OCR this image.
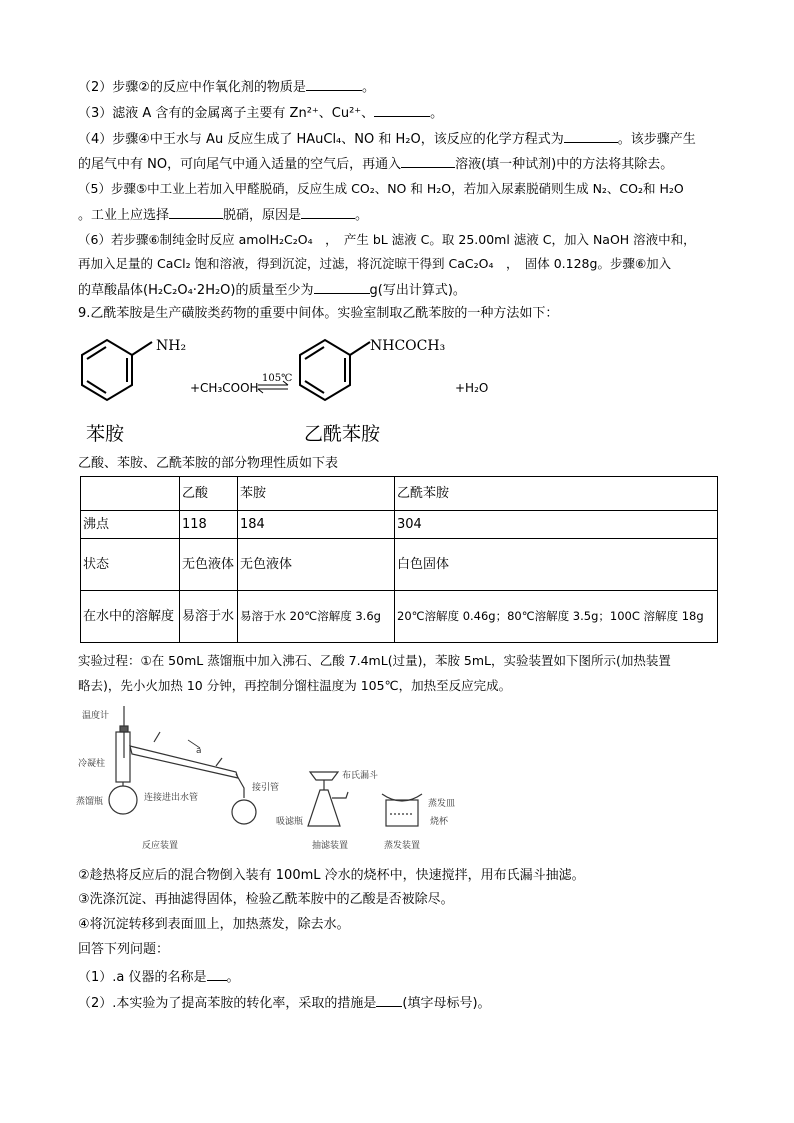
（2）步骤②的反应中作氧化剂的物质是	。
（3）滤液 A 含有的金属离子主要有 Zn²⁺、Cu²⁺、	。
（4）步骤④中王水与 Au 反应生成了 HAuCl₄、NO 和 H₂O，该反应的化学方程式为	。该步骤产生
的尾气中有 NO，可向尾气中通入适量的空气后，再通入	溶液(填一种试剂)中的方法将其除去。
（5）步骤⑤中工业上若加入甲醛脱硝，反应生成 CO₂、NO 和 H₂O，若加入尿素脱硝则生成 N₂、CO₂和 H₂O
。工业上应选择	脱硝，原因是	。
（6）若步骤⑥制纯金时反应 amolH₂C₂O₄　，　产生 bL 滤液 C。取 25.00ml 滤液 C，加入 NaOH 溶液中和，
再加入足量的 CaCl₂ 饱和溶液，得到沉淀，过滤，将沉淀晾干得到 CaC₂O₄　，　固体 0.128g。步骤⑥加入
的草酸晶体(H₂C₂O₄·2H₂O)的质量至少为	g(写出计算式)。
9.乙酰苯胺是生产磺胺类药物的重要中间体。实验室制取乙酰苯胺的一种方法如下：
NH₂
+CH₃COOH
105℃
NHCOCH₃
+H₂O
苯胺	乙酰苯胺
乙酸、苯胺、乙酰苯胺的部分物理性质如下表
	乙酸	苯胺	乙酰苯胺
沸点	118	184	304
状态	无色液体	无色液体	白色固体
在水中的溶解度	易溶于水	易溶于水 20℃溶解度 3.6g	20℃溶解度 0.46g；80℃溶解度 3.5g；100C 溶解度 18g
实验过程：①在 50mL 蒸馏瓶中加入沸石、乙酸 7.4mL(过量)，苯胺 5mL，实验装置如下图所示(加热装置
略去)，先小火加热 10 分钟，再控制分馏柱温度为 105℃，加热至反应完成。
温度计
冷凝柱
a
蒸馏瓶	连接进出水管
接引管
反应装置
布氏漏斗
吸滤瓶
抽滤装置
蒸发皿
烧杯
蒸发装置
②趁热将反应后的混合物倒入装有 100mL 冷水的烧杯中，快速搅拌，用布氏漏斗抽滤。
③洗涤沉淀、再抽滤得固体，检验乙酰苯胺中的乙酸是否被除尽。
④将沉淀转移到表面皿上，加热蒸发，除去水。
回答下列问题：
（1）.a 仪器的名称是 。
（2）.本实验为了提高苯胺的转化率，采取的措施是 (填字母标号)。
